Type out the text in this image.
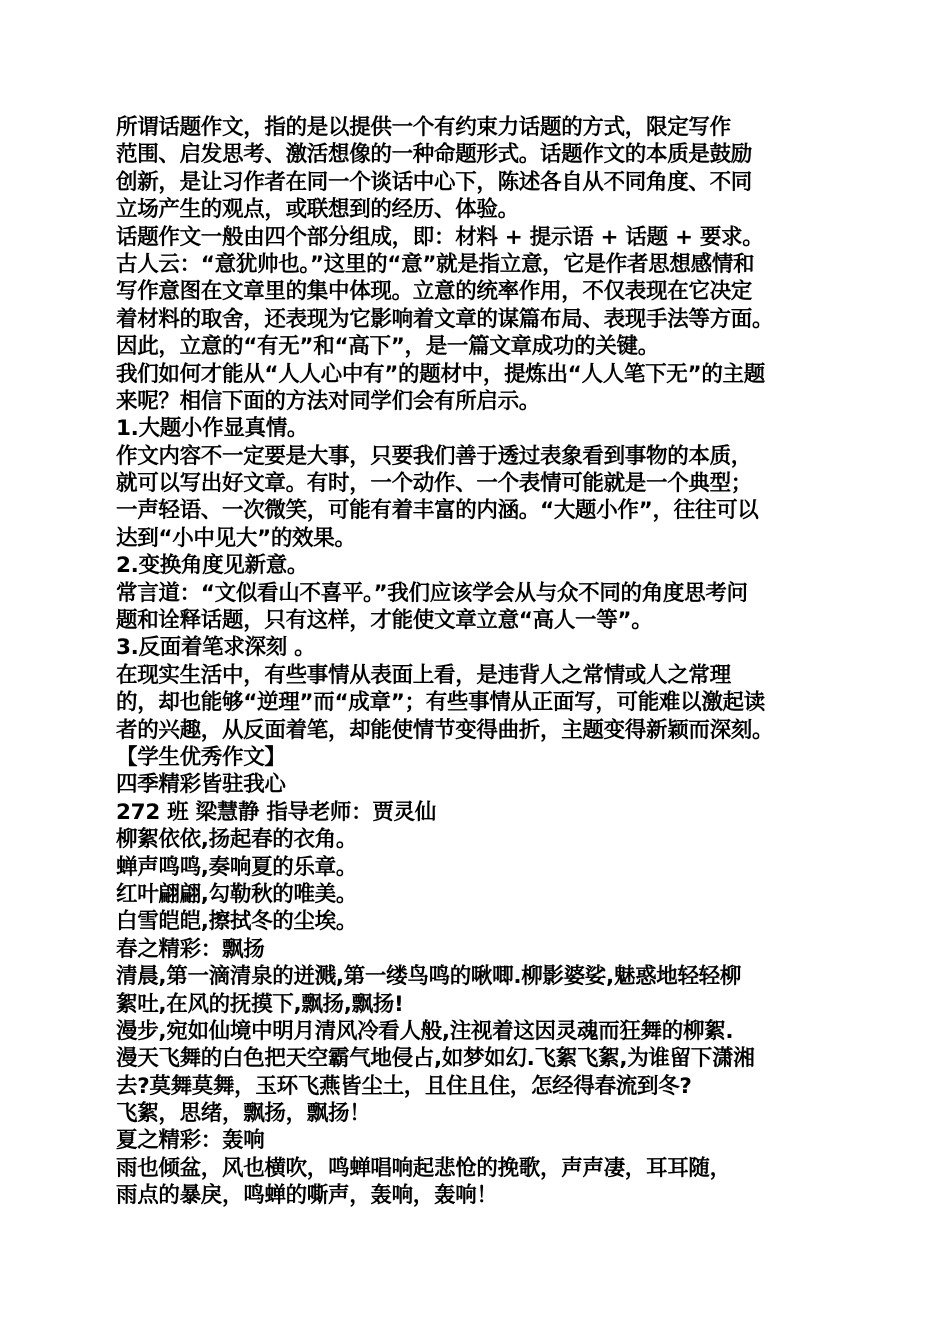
所谓话题作文，指的是以提供一个有约束力话题的方式，限定写作
范围、启发思考、激活想像的一种命题形式。话题作文的本质是鼓励
创新，是让习作者在同一个谈话中心下，陈述各自从不同角度、不同
立场产生的观点，或联想到的经历、体验。
话题作文一般由四个部分组成，即：材料 + 提示语 + 话题 + 要求。
古人云：“意犹帅也。”这里的“意”就是指立意，它是作者思想感情和
写作意图在文章里的集中体现。立意的统率作用，不仅表现在它决定
着材料的取舍，还表现为它影响着文章的谋篇布局、表现手法等方面。
因此，立意的“有无”和“高下”，是一篇文章成功的关键。
我们如何才能从“人人心中有”的题材中，提炼出“人人笔下无”的主题
来呢？相信下面的方法对同学们会有所启示。
1.大题小作显真情。
作文内容不一定要是大事，只要我们善于透过表象看到事物的本质，
就可以写出好文章。有时，一个动作、一个表情可能就是一个典型；
一声轻语、一次微笑，可能有着丰富的内涵。“大题小作”，往往可以
达到“小中见大”的效果。
2.变换角度见新意。
常言道：“文似看山不喜平。”我们应该学会从与众不同的角度思考问
题和诠释话题，只有这样，才能使文章立意“高人一等”。
3.反面着笔求深刻 。
在现实生活中，有些事情从表面上看，是违背人之常情或人之常理
的，却也能够“逆理”而“成章”；有些事情从正面写，可能难以激起读
者的兴趣，从反面着笔，却能使情节变得曲折，主题变得新颖而深刻。
【学生优秀作文】
四季精彩皆驻我心
272 班 梁慧静 指导老师：贾灵仙
柳絮依依,扬起春的衣角。
蝉声鸣鸣,奏响夏的乐章。
红叶翩翩,勾勒秋的唯美。
白雪皑皑,擦拭冬的尘埃。
春之精彩：飘扬
清晨,第一滴清泉的迸溅,第一缕鸟鸣的啾唧.柳影婆娑,魅惑地轻轻柳
絮吐,在风的抚摸下,飘扬,飘扬!
漫步,宛如仙境中明月清风冷看人般,注视着这因灵魂而狂舞的柳絮.
漫天飞舞的白色把天空霸气地侵占,如梦如幻.飞絮飞絮,为谁留下潇湘
去?莫舞莫舞，玉环飞燕皆尘土，且住且住，怎经得春流到冬?
飞絮，思绪，飘扬，飘扬！
夏之精彩：轰响
雨也倾盆，风也横吹，鸣蝉唱响起悲怆的挽歌，声声凄，耳耳随，
雨点的暴戾，鸣蝉的嘶声，轰响，轰响！
